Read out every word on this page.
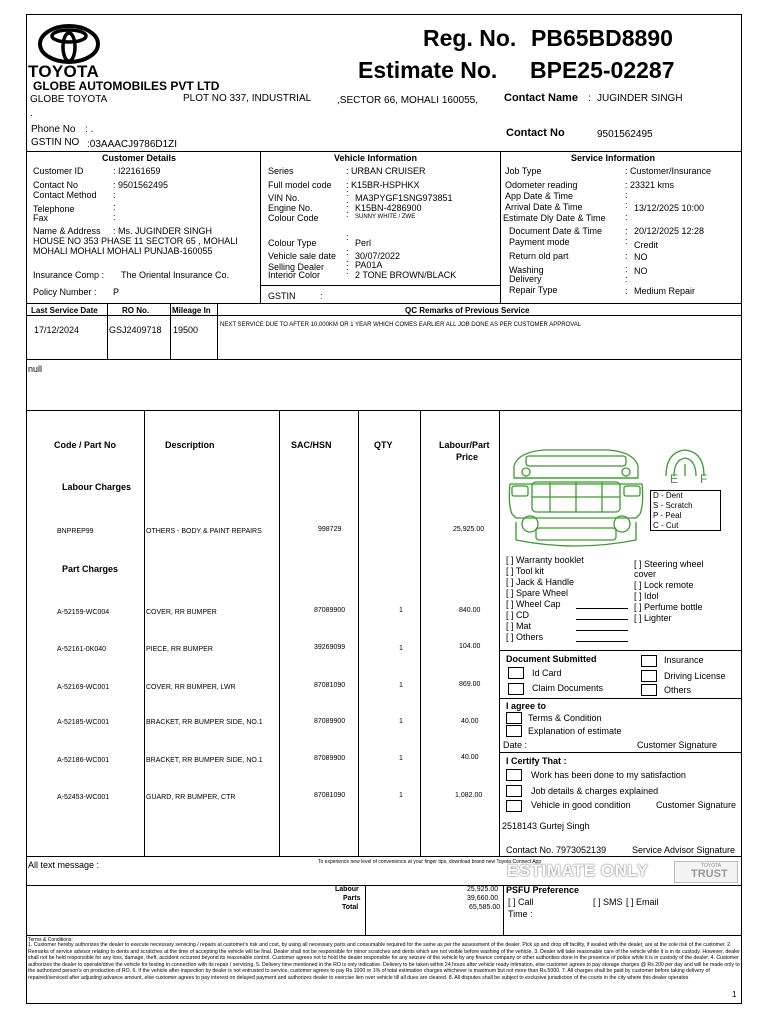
TOYOTA
GLOBE AUTOMOBILES PVT LTD
GLOBE TOYOTA	PLOT NO 337, INDUSTRIAL	,SECTOR 66, MOHALI 160055,
.
Reg. No. PB65BD8890
Estimate No. BPE25-02287
Contact Name : JUGINDER SINGH
Phone No : .	Contact No	9501562495
GSTIN NO :03AAACJ9786D1ZI
Customer Details
Customer ID	: I22161659
Contact No	: 9501562495
Contact Method :
Telephone	:
Fax	:
Name & Address : Ms. JUGINDER SINGH
HOUSE NO 353 PHASE 11 SECTOR 65 , MOHALI
MOHALI MOHALI MOHALI PUNJAB-160055
Insurance Comp : The Oriental Insurance Co.
Policy Number : P
Vehicle Information
Series	: URBAN CRUISER
Full model code : K15BR-HSPHKX
VIN No.	: MA3PYGF1SNG973851
Engine No.	: K15BN-4286900
Colour Code	: SUNNY WHITE / ZWE
Colour Type
:
Perl
Vehicle sale date : 30/07/2022
Selling Dealer : PA01A
Interior Color	: 2 TONE BROWN/BLACK
GSTIN	:
Service Information
Job Type	: Customer/Insurance
Odometer reading	: 23321 kms
App Date & Time	:
Arrival Date & Time	: 13/12/2025 10:00
Estimate Dly Date & Time :
Document Date & Time	: 20/12/2025 12:28
Payment mode	: Credit
Return old part	: NO
Washing	: NO
Delivery	:
Repair Type	: Medium Repair
Last Service Date	RO No.	Mileage In	QC Remarks of Previous Service
17/12/2024	GSJ2409718 19500	NEXT SERVICE DUE TO AFTER 10,000KM OR 1 YEAR WHICH COMES EARLIER ALL JOB DONE AS PER CUSTOMER APPROVAL
null
Code / Part No	Description	SAC/HSN	QTY	Labour/Part
Price
Labour Charges
BNPREP99	OTHERS - BODY & PAINT REPAIRS	998729	25,925.00
Part Charges
A-52159-WC004	COVER, RR BUMPER	87089900	1	840.00
A-52161-0K040	PIECE, RR BUMPER	39269099	1	104.00
A-52169-WC001	COVER, RR BUMPER, LWR	87081090	1	869.00
A-52185-WC001	BRACKET, RR BUMPER SIDE, NO.1	87089900	1	40.00
A-52186-WC001	BRACKET, RR BUMPER SIDE, NO.1	87089900	1	40.00
A-52453-WC001	GUARD, RR BUMPER, CTR	87081090	1	1,082.00
E F
D - Dent
S - Scratch
P - Peal
C - Cut
[ ] Warranty booklet
[ ] Tool kit
[ ] Jack & Handle
[ ] Spare Wheel
[ ] Wheel Cap
[ ] CD
[ ] Mat
[ ] Others
[ ] Steering wheel
cover
[ ] Lock remote
[ ] Idol
[ ] Perfume bottle
[ ] Lighter
Document Submitted
Id Card
Claim Documents
Insurance
Driving License
Others
I agree to
Terms & Condition
Explanation of estimate
Date :	Customer Signature
I Certify That :
Work has been done to my satisfaction
Job details & charges explained
Vehicle in good condition	Customer Signature
2518143 Gurtej Singh
Contact No. 7973052139	Service Advisor Signature
All text message :	To experience new level of convenience at your finger tips, download brand new Toyota Connect App
ESTIMATE ONLY	TOYOTA
TRUST
Labour	25,925.00
Parts	39,660.00
Total	65,585.00
PSFU Preference
[ ] Call	[ ] SMS [ ] Email
Time :
Terms & Conditions:
1. Customer hereby authorizes the dealer to execute necessary servicing / repairs at customer's risk and cost, by using all necessary parts and consumable required for the same as per the assessment of the dealer. Pick up and drop off facility, if availed with the dealer, are at the sole risk of the customer. 2. Remarks of service advisor relating to dents and scratches at the time of accepting the vehicle will be final. Dealer shall not be responsible for minor scratches and dents which are not visible before washing of the vehicle. 3. Dealer will take reasonable care of the vehicle while it is in its custody. However, dealer shall not be held responsible for any loss, damage, theft, accident occurred beyond its reasonable control. Customer agrees not to hold the dealer responsible for any seizure of the vehicle by any finance company or other authorities done in the presence of police while it is in custody of the dealer. 4. Customer authorizes the dealer to operate/drive the vehicle for testing in connection with its repair / servicing. 5. Delivery time mentioned in the RO is only indicative. Delivery to be taken within 24 hours after vehicle ready intimation, else customer agrees to pay storage charges @ Rs.200 per day and will be made only to the authorized person's on production of RO. 6. If the vehicle after inspection by dealer is not entrusted to service, customer agrees to pay Rs.1000 or 1% of total estimation charges whichever is maximum but not more than Rs.5000. 7. All charges shall be paid by customer before taking delivery of repaired/serviced after adjusting advance amount, else customer agrees to pay interest on delayed payment and authorizes dealer to exercise lien over vehicle till all dues are cleared. 8. All disputes shall be subject to exclusive jurisdiction of the courts in the city where this dealer operates
1
